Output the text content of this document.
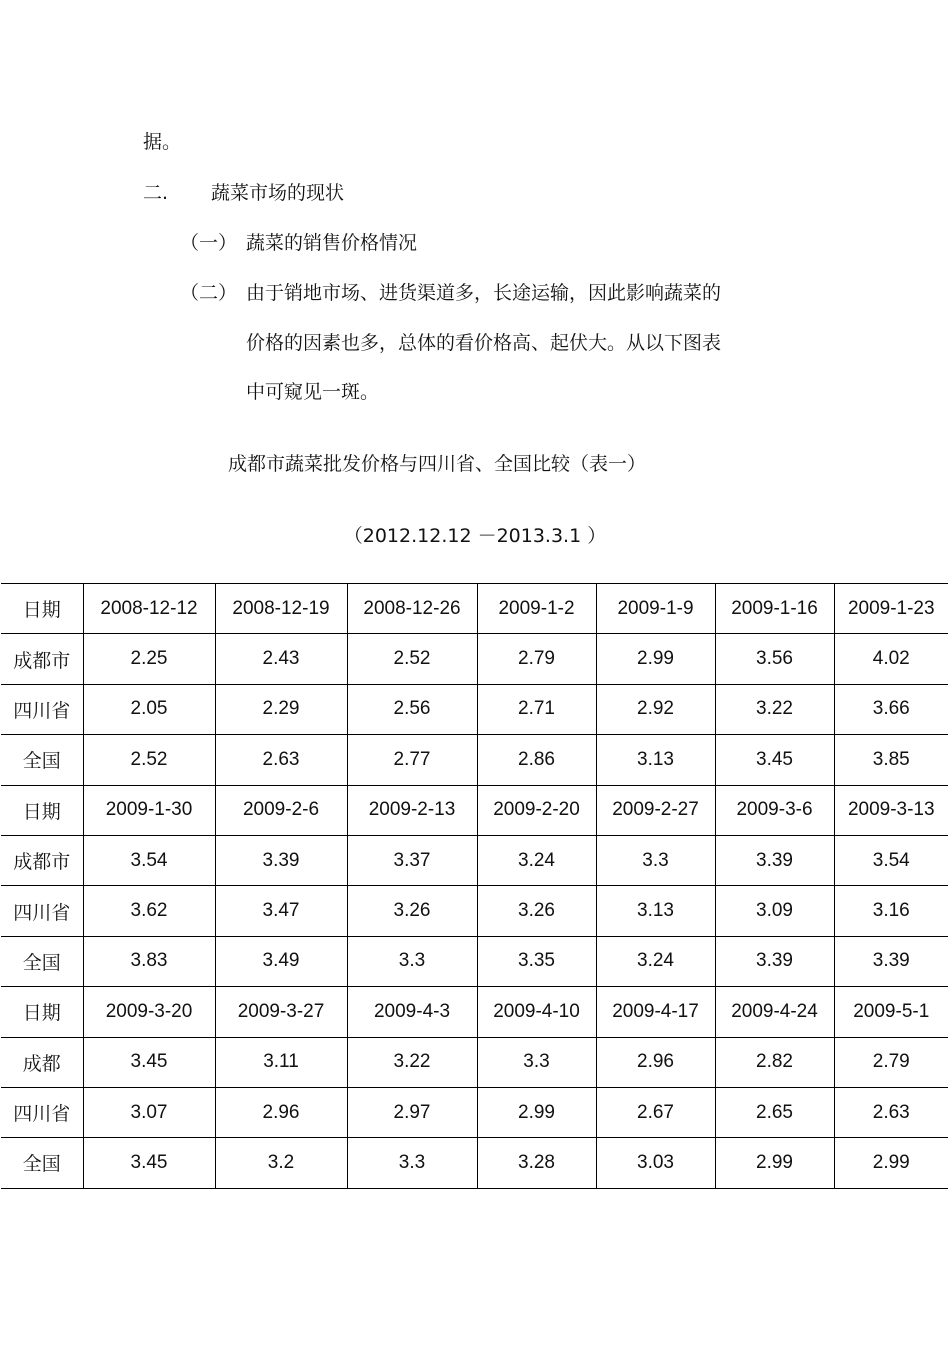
据。
二. 蔬菜市场的现状
（一） 蔬菜的销售价格情况
（二） 由于销地市场、进货渠道多，长途运输，因此影响蔬菜的
价格的因素也多，总体的看价格高、起伏大。从以下图表
中可窥见一斑。
成都市蔬菜批发价格与四川省、全国比较（表一）
（2012.12.12 －2013.3.1 ）
日期	2008-12-12	2008-12-19	2008-12-26	2009-1-2	2009-1-9	2009-1-16	2009-1-23
成都市	2.25	2.43	2.52	2.79	2.99	3.56	4.02
四川省	2.05	2.29	2.56	2.71	2.92	3.22	3.66
全国	2.52	2.63	2.77	2.86	3.13	3.45	3.85
日期	2009-1-30	2009-2-6	2009-2-13	2009-2-20	2009-2-27	2009-3-6	2009-3-13
成都市	3.54	3.39	3.37	3.24	3.3	3.39	3.54
四川省	3.62	3.47	3.26	3.26	3.13	3.09	3.16
全国	3.83	3.49	3.3	3.35	3.24	3.39	3.39
日期	2009-3-20	2009-3-27	2009-4-3	2009-4-10	2009-4-17	2009-4-24	2009-5-1
成都	3.45	3.11	3.22	3.3	2.96	2.82	2.79
四川省	3.07	2.96	2.97	2.99	2.67	2.65	2.63
全国	3.45	3.2	3.3	3.28	3.03	2.99	2.99
